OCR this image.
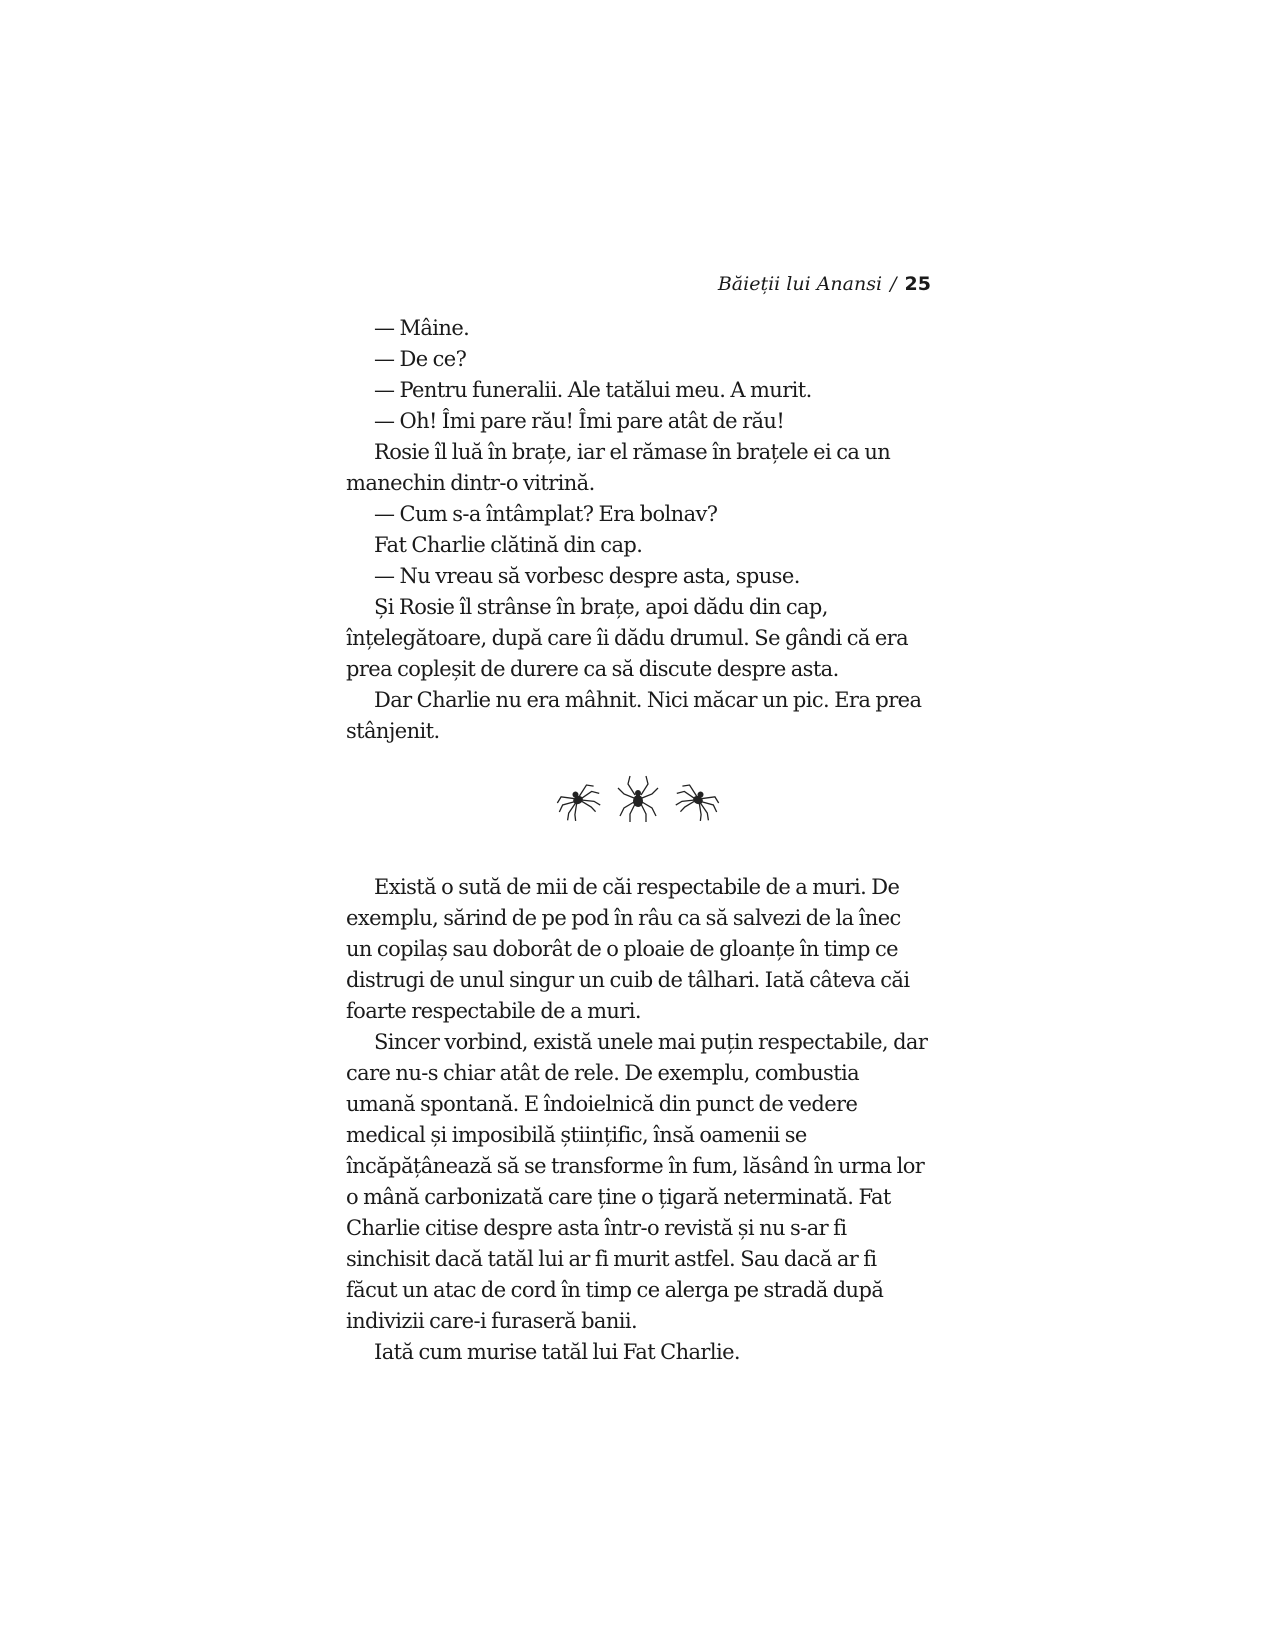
Băieții lui Anansi / 25

— Mâine.

— De ce?

— Pentru funeralii. Ale tatălui meu. A murit.

— Oh! Îmi pare rău! Îmi pare atât de rău!

Rosie îl luă în brațe, iar el rămase în brațele ei ca un manechin dintr-o vitrină.

— Cum s-a întâmplat? Era bolnav?

Fat Charlie clătină din cap.

— Nu vreau să vorbesc despre asta, spuse.

Și Rosie îl strânse în brațe, apoi dădu din cap, înțelegătoare, după care îi dădu drumul. Se gândi că era prea copleșit de durere ca să discute despre asta.

Dar Charlie nu era mâhnit. Nici măcar un pic. Era prea stânjenit.

Există o sută de mii de căi respectabile de a muri. De exemplu, sărind de pe pod în râu ca să salvezi de la înec un copilaș sau doborât de o ploaie de gloanțe în timp ce distrugi de unul singur un cuib de tâlhari. Iată câteva căi foarte respectabile de a muri.

Sincer vorbind, există unele mai puțin respectabile, dar care nu-s chiar atât de rele. De exemplu, combustia umană spontană. E îndoielnică din punct de vedere medical și imposibilă științific, însă oamenii se încăpățânează să se transforme în fum, lăsând în urma lor o mână carbonizată care ține o țigară neterminată. Fat Charlie citise despre asta într-o revistă și nu s-ar fi sinchisit dacă tatăl lui ar fi murit astfel. Sau dacă ar fi făcut un atac de cord în timp ce alerga pe stradă după indivizii care-i furaseră banii.

Iată cum murise tatăl lui Fat Charlie.
